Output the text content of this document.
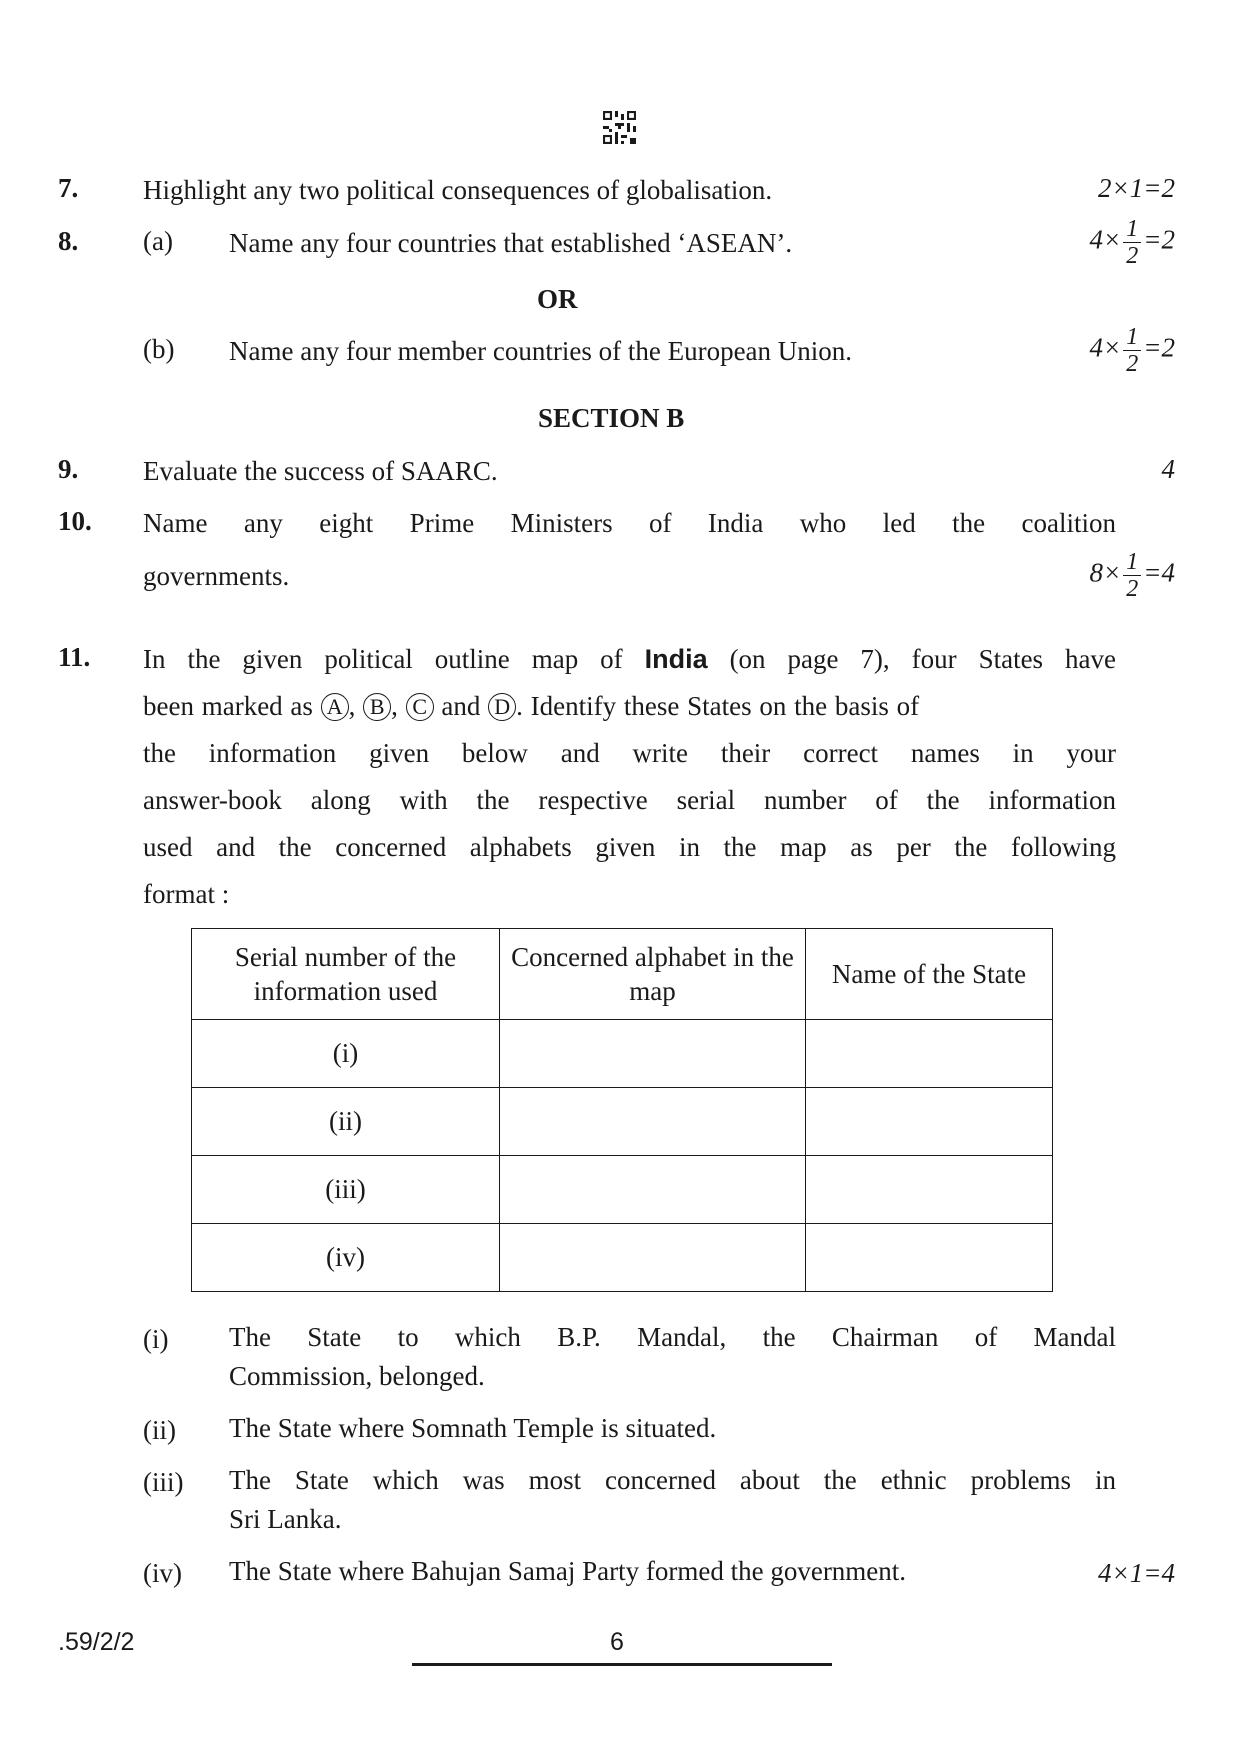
7. Highlight any two political consequences of globalisation.	2×1=2
8. (a) Name any four countries that established ‘ASEAN’.	$4\times \frac{1}{2} =2$
OR
(b) Name any four member countries of the European Union.	$4\times \frac{1}{2} =2$
SECTION B
9. Evaluate the success of SAARC.	4
10. Name any eight Prime Ministers of India who led the coalition
governments.	$8\times \frac{1}{2} =4$
11. In the given political outline map of India (on page 7), four States have
been marked as A , B , C and D . Identify these States on the basis of
the information given below and write their correct names in your
answer-book along with the respective serial number of the information
used and the concerned alphabets given in the map as per the following
format :
Serial number of the information used	Concerned alphabet in the map	Name of the State
(i)		
(ii)		
(iii)		
(iv)		
(i) The State to which B.P. Mandal, the Chairman of Mandal
Commission, belonged.
(ii) The State where Somnath Temple is situated.
(iii) The State which was most concerned about the ethnic problems in
Sri Lanka.
(iv) The State where Bahujan Samaj Party formed the government.	4×1=4
.59/2/2	6
